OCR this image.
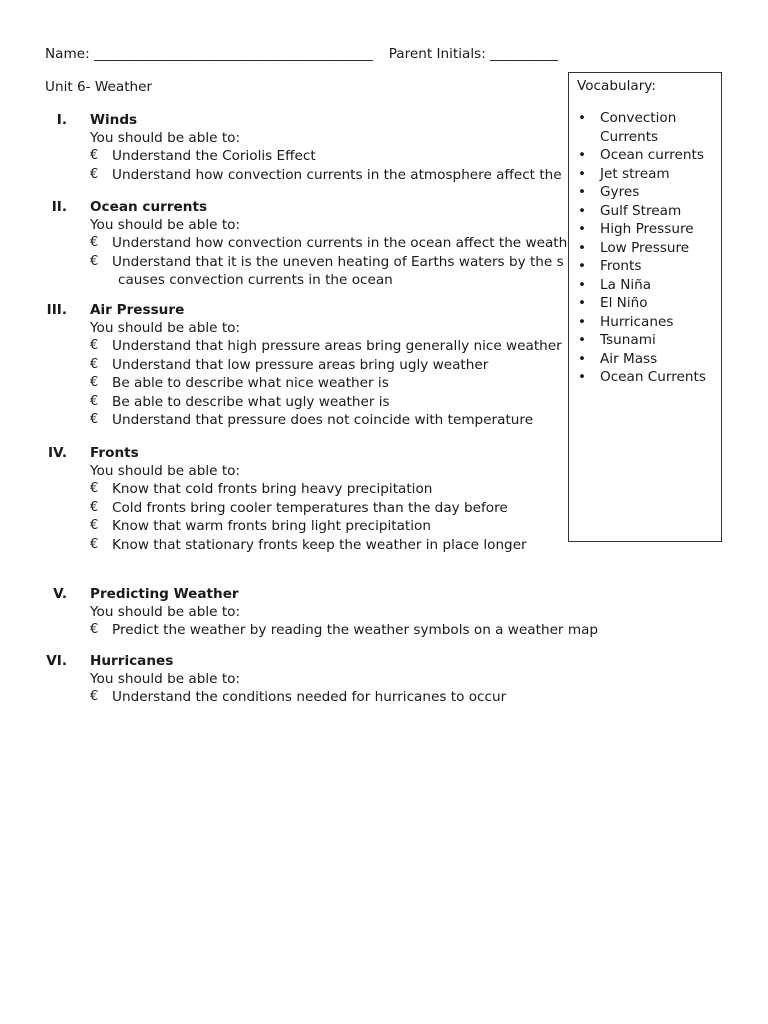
Name: _________________________________________ Parent Initials: __________
Unit 6- Weather
I. Winds
You should be able to:
€ Understand the Coriolis Effect
€ Understand how convection currents in the atmosphere affect the
II. Ocean currents
You should be able to:
€ Understand how convection currents in the ocean affect the weath
€ Understand that it is the uneven heating of Earths waters by the s
causes convection currents in the ocean
III. Air Pressure
You should be able to:
€ Understand that high pressure areas bring generally nice weather
€ Understand that low pressure areas bring ugly weather
€ Be able to describe what nice weather is
€ Be able to describe what ugly weather is
€ Understand that pressure does not coincide with temperature
IV. Fronts
You should be able to:
€ Know that cold fronts bring heavy precipitation
€ Cold fronts bring cooler temperatures than the day before
€ Know that warm fronts bring light precipitation
€ Know that stationary fronts keep the weather in place longer
V. Predicting Weather
You should be able to:
€ Predict the weather by reading the weather symbols on a weather map
VI. Hurricanes
You should be able to:
€ Understand the conditions needed for hurricanes to occur
Vocabulary:
• Convection Currents
• Ocean currents
• Jet stream
• Gyres
• Gulf Stream
• High Pressure
• Low Pressure
• Fronts
• La Niña
• El Niño
• Hurricanes
• Tsunami
• Air Mass
• Ocean Currents
